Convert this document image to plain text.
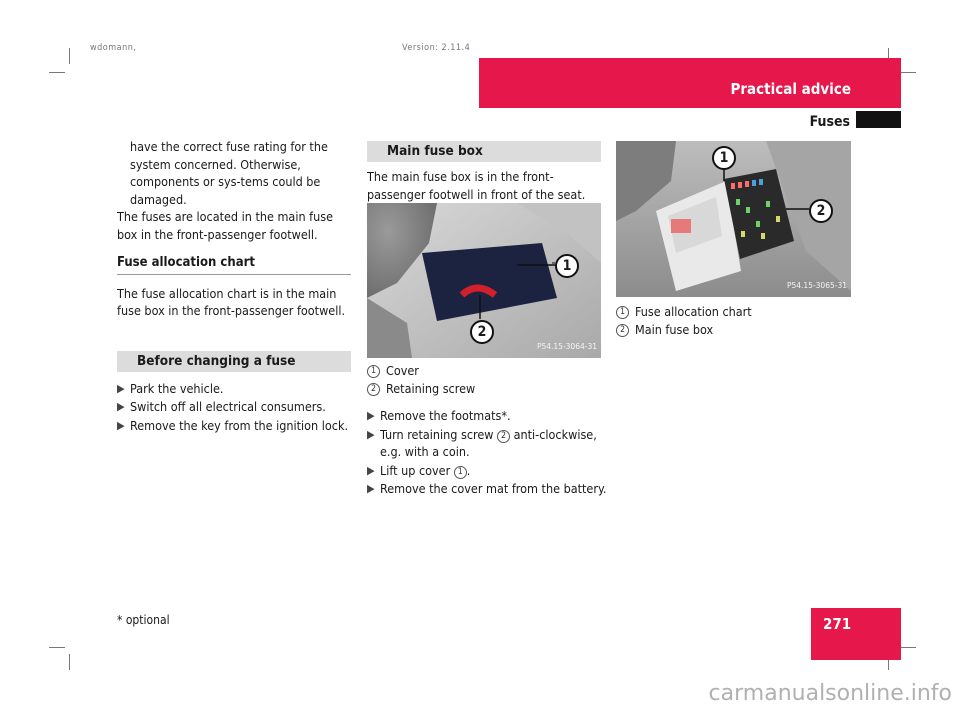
wdomann,	Version: 2.11.4
Practical advice
Fuses

have the correct fuse rating for the system concerned. Otherwise, components or sys-tems could be damaged.

The fuses are located in the main fuse box in the front-passenger footwell.

Fuse allocation chart

The fuse allocation chart is in the main fuse box in the front-passenger footwell.

Before changing a fuse
▶ Park the vehicle.
▶ Switch off all electrical consumers.
▶ Remove the key from the ignition lock.
Main fuse box

The main fuse box is in the front-passenger footwell in front of the seat.

1
2
P54.15-3064-31
1 Cover
2 Retaining screw
▶ Remove the footmats*.
▶ Turn retaining screw 2 anti-clockwise, e.g. with a coin.
▶ Lift up cover 1 .
▶ Remove the cover mat from the battery.
1
2
P54.15-3065-31
1 Fuse allocation chart
2 Main fuse box
271
* optional
carmanualsonline.info
